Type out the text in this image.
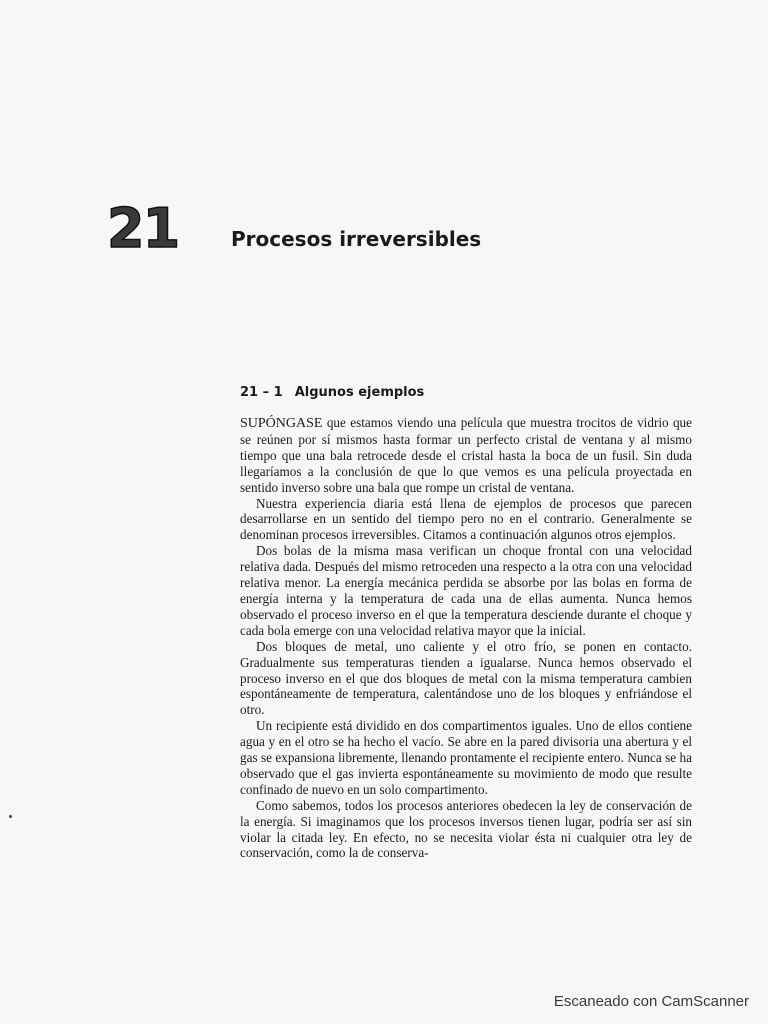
21	Procesos irreversibles
21 – 1 Algunos ejemplos

SUPÓNGASE que estamos viendo una película que muestra trocitos de vidrio que se reúnen por sí mismos hasta formar un perfecto cristal de ventana y al mismo tiempo que una bala retrocede desde el cristal hasta la boca de un fusil. Sin duda llegaríamos a la conclusión de que lo que vemos es una película proyectada en sentido inverso sobre una bala que rompe un cristal de ventana.

Nuestra experiencia diaria está llena de ejemplos de procesos que parecen desarrollarse en un sentido del tiempo pero no en el contrario. Generalmente se denominan procesos irreversibles. Citamos a continuación algunos otros ejemplos.

Dos bolas de la misma masa verifican un choque frontal con una velocidad relativa dada. Después del mismo retroceden una respecto a la otra con una velocidad relativa menor. La energía mecánica perdida se absorbe por las bolas en forma de energía interna y la temperatura de cada una de ellas aumenta. Nunca hemos observado el proceso inverso en el que la temperatura desciende durante el choque y cada bola emerge con una velocidad relativa mayor que la inicial.

Dos bloques de metal, uno caliente y el otro frío, se ponen en contacto. Gradualmente sus temperaturas tienden a igualarse. Nunca hemos observado el proceso inverso en el que dos bloques de metal con la misma temperatura cambien espontáneamente de temperatura, calentándose uno de los bloques y enfriándose el otro.

Un recipiente está dividido en dos compartimentos iguales. Uno de ellos contiene agua y en el otro se ha hecho el vacío. Se abre en la pared divisoria una abertura y el gas se expansiona libremente, llenando prontamente el recipiente entero. Nunca se ha observado que el gas invierta espontáneamente su movimiento de modo que resulte confinado de nuevo en un solo compartimento.

Como sabemos, todos los procesos anteriores obedecen la ley de conservación de la energía. Si imaginamos que los procesos inversos tienen lugar, podría ser así sin violar la citada ley. En efecto, no se necesita violar ésta ni cualquier otra ley de conservación, como la de conserva-

Escaneado con CamScanner
